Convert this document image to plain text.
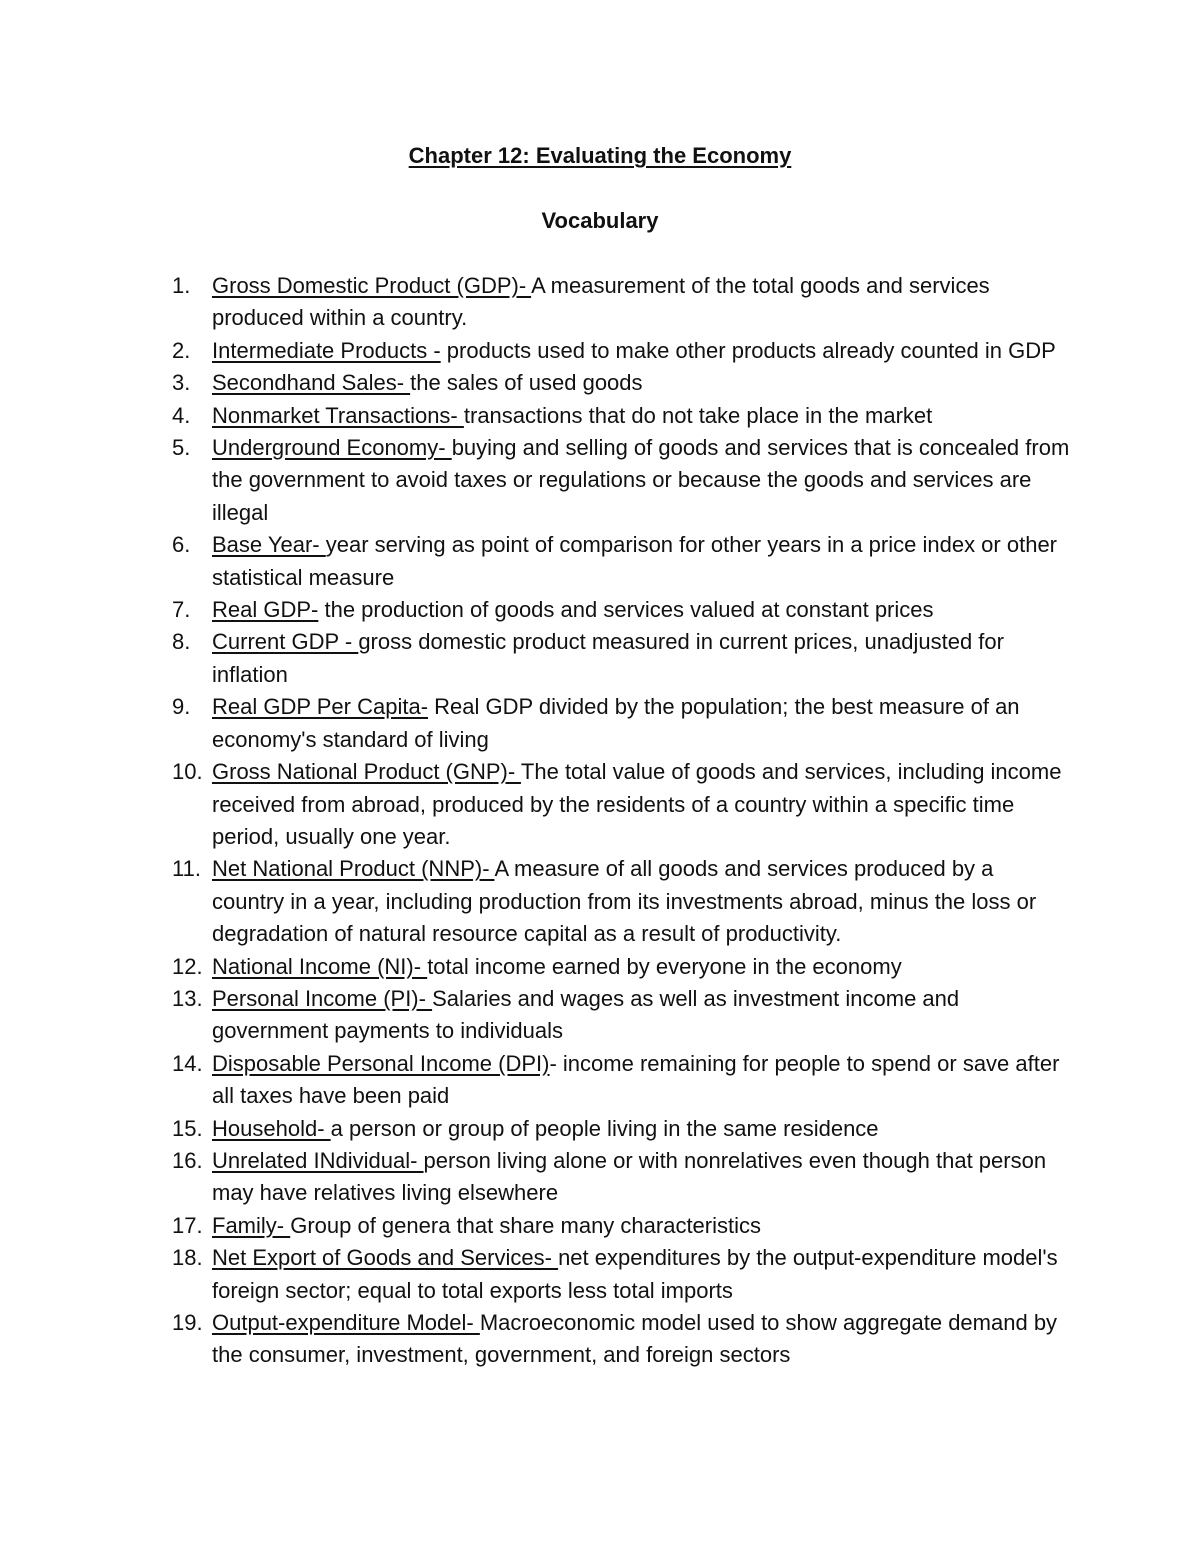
Chapter 12: Evaluating the Economy
Vocabulary
1. Gross Domestic Product (GDP)- A measurement of the total goods and services produced within a country.
2. Intermediate Products - products used to make other products already counted in GDP
3. Secondhand Sales- the sales of used goods
4. Nonmarket Transactions- transactions that do not take place in the market
5. Underground Economy- buying and selling of goods and services that is concealed from the government to avoid taxes or regulations or because the goods and services are illegal
6. Base Year- year serving as point of comparison for other years in a price index or other statistical measure
7. Real GDP- the production of goods and services valued at constant prices
8. Current GDP - gross domestic product measured in current prices, unadjusted for inflation
9. Real GDP Per Capita- Real GDP divided by the population; the best measure of an economy's standard of living
10. Gross National Product (GNP)- The total value of goods and services, including income received from abroad, produced by the residents of a country within a specific time period, usually one year.
11. Net National Product (NNP)- A measure of all goods and services produced by a country in a year, including production from its investments abroad, minus the loss or degradation of natural resource capital as a result of productivity.
12. National Income (NI)- total income earned by everyone in the economy
13. Personal Income (PI)- Salaries and wages as well as investment income and government payments to individuals
14. Disposable Personal Income (DPI)- income remaining for people to spend or save after all taxes have been paid
15. Household- a person or group of people living in the same residence
16. Unrelated INdividual- person living alone or with nonrelatives even though that person may have relatives living elsewhere
17. Family- Group of genera that share many characteristics
18. Net Export of Goods and Services- net expenditures by the output-expenditure model's foreign sector; equal to total exports less total imports
19. Output-expenditure Model- Macroeconomic model used to show aggregate demand by the consumer, investment, government, and foreign sectors
